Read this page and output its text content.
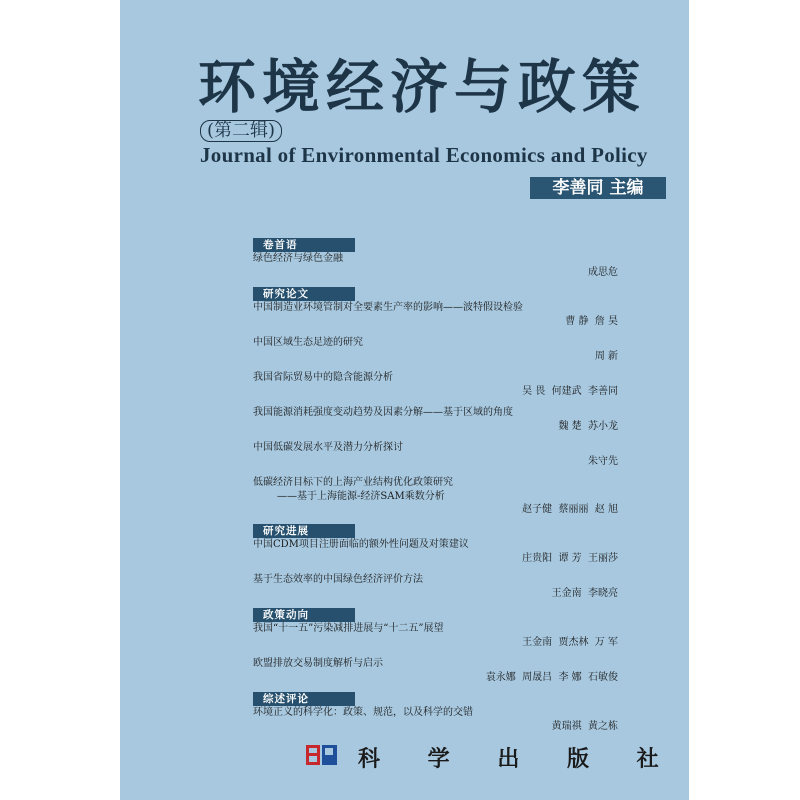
环境经济与政策
(第二辑)
Journal of Environmental Economics and Policy
李善同 主编
卷首语
绿色经济与绿色金融
成思危
研究论文
中国制造业环境管制对全要素生产率的影响——波特假设检验
曹 静  詹 昊
中国区域生态足迹的研究
周 新
我国省际贸易中的隐含能源分析
吴 畏  何建武  李善同
我国能源消耗强度变动趋势及因素分解——基于区域的角度
魏 楚  苏小龙
中国低碳发展水平及潜力分析探讨
朱守先
低碳经济目标下的上海产业结构优化政策研究
——基于上海能源-经济SAM乘数分析
赵子健  蔡丽丽  赵 旭
研究进展
中国CDM项目注册面临的额外性问题及对策建议
庄贵阳  谭 芳  王丽莎
基于生态效率的中国绿色经济评价方法
王金南  李晓亮
政策动向
我国“十一五”污染减排进展与“十二五”展望
王金南  贾杰林  万 军
欧盟排放交易制度解析与启示
袁永娜  周晟吕  李 娜  石敏俊
综述评论
环境正义的科学化：政策、规范，以及科学的交错
黄瑞祺  黄之栋
科 学 出 版 社
